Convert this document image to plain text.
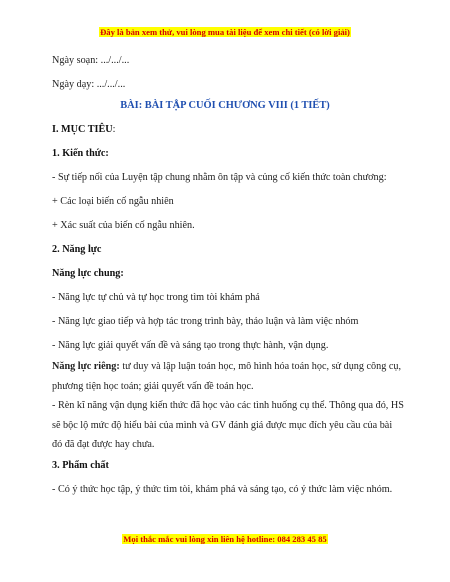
Đây là bản xem thử, vui lòng mua tài liệu để xem chi tiết (có lời giải)
Ngày soạn: .../.../...
Ngày dạy: .../.../...
BÀI: BÀI TẬP CUỐI CHƯƠNG VIII (1 TIẾT)
I. MỤC TIÊU:
1. Kiến thức:
- Sự tiếp nối của Luyện tập chung nhằm ôn tập và củng cố kiến thức toàn chương:
+ Các loại biến cố ngẫu nhiên
+ Xác suất của biến cố ngẫu nhiên.
2. Năng lực
Năng lực chung:
- Năng lực tự chủ và tự học trong tìm tòi khám phá
- Năng lực giao tiếp và hợp tác trong trình bày, thảo luận và làm việc nhóm
- Năng lực giải quyết vấn đề và sáng tạo trong thực hành, vận dụng.
Năng lực riêng: tư duy và lập luận toán học, mô hình hóa toán học, sử dụng công cụ, phương tiện học toán; giải quyết vấn đề toán học.
- Rèn kĩ năng vận dụng kiến thức đã học vào các tình huống cụ thể. Thông qua đó, HS sẽ bộc lộ mức độ hiểu bài của mình và GV đánh giá được mục đích yêu cầu của bài đó đã đạt được hay chưa.
3. Phẩm chất
- Có ý thức học tập, ý thức tìm tòi, khám phá và sáng tạo, có ý thức làm việc nhóm.
Mọi thắc mắc vui lòng xin liên hệ hotline: 084 283 45 85
